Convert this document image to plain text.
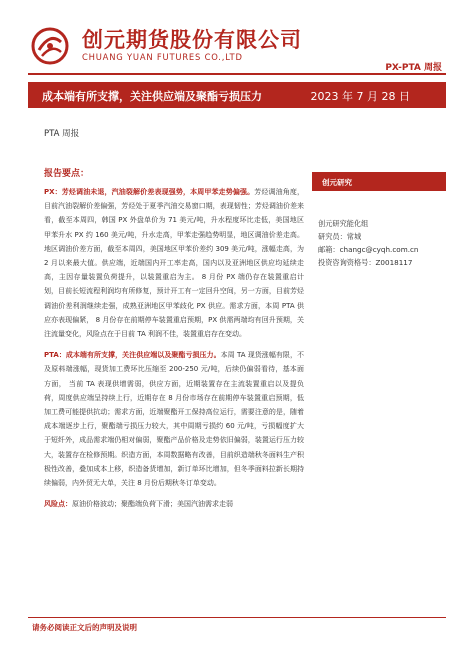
创元期货股份有限公司
CHUANG YUAN FUTURES CO.,LTD
PX-PTA 周报
成本端有所支撑，关注供应端及聚酯亏损压力	2023 年 7 月 28 日
PTA 周报
报告要点：

PX：芳烃调油未退，汽油裂解价差表现强势，本周甲苯走势偏强。芳烃调油角度，目前汽油裂解价差偏强，芳烃处于夏季汽油交易窗口期，表现韧性；芳烃调油价差来看，截至本周四，韩国 PX 外盘单价为 71 美元/吨，升水程度环比走低，美国地区甲苯升水 PX 约 160 美元/吨，升水走高，甲苯走强趋势明显，地区调油价差走高。地区调油价差方面，截至本周四，美国地区甲苯价差约 309 美元/吨，涨幅走高，为 2 月以来最大值。供应端，近端国内开工率走高，国内以及亚洲地区供应均延续走高，主因存量装置负荷提升，以装置重启为主。 8 月份 PX 端仍存在装置重启计划，目前长短流程利润均有所修复，预计开工有一定回升空间，另一方面，目前芳烃调油价差利润继续走强，成熟亚洲地区甲苯歧化 PX 供应。需求方面，本周 PTA 供应亦表现偏紧， 8 月份存在前期停车装置重启预期，PX 供需两端均有回升预期，关注流量变化，风险点在于目前 TA 利润不佳，装置重启存在变动。

PTA：成本端有所支撑，关注供应端以及聚酯亏损压力。本周 TA 现货涨幅有限，不及原料端涨幅，现货加工费环比压缩至 200-250 元/吨，后续仍偏弱看待，基本面方面， 当前 TA 表现供增需弱，供应方面，近期装置存在主流装置重启以及提负荷，周度供应端呈持续上行，近期存在 8 月份市场存在前期停车装置重启预期，低加工费可能提供抗动；需求方面，近端聚酯开工保持高位运行，需要注意的是，随着成本端逐步上行，聚酯端亏损压力较大，其中周期亏损约 60 元/吨，亏损幅度扩大于短纤外，成品需求端仍相对偏弱，聚酯产品价格及走势依旧偏弱，装置运行压力较大，装置存在检修预期。织造方面，本周数据略有改善，目前织造端秋冬面料生产积极性改善，叠加成本上移，织造备货增加，新订单环比增加，但冬季面料拉新长期持续偏弱，内外贸无大单，关注 8 月份后期秋冬订单变动。

风险点：原油价格波动；聚酯端负荷下滑；美国汽油需求走弱

创元研究
创元研究能化组
研究员：常城
邮箱：changc@cyqh.com.cn
投资咨询资格号：Z0018117
请务必阅读正文后的声明及说明
